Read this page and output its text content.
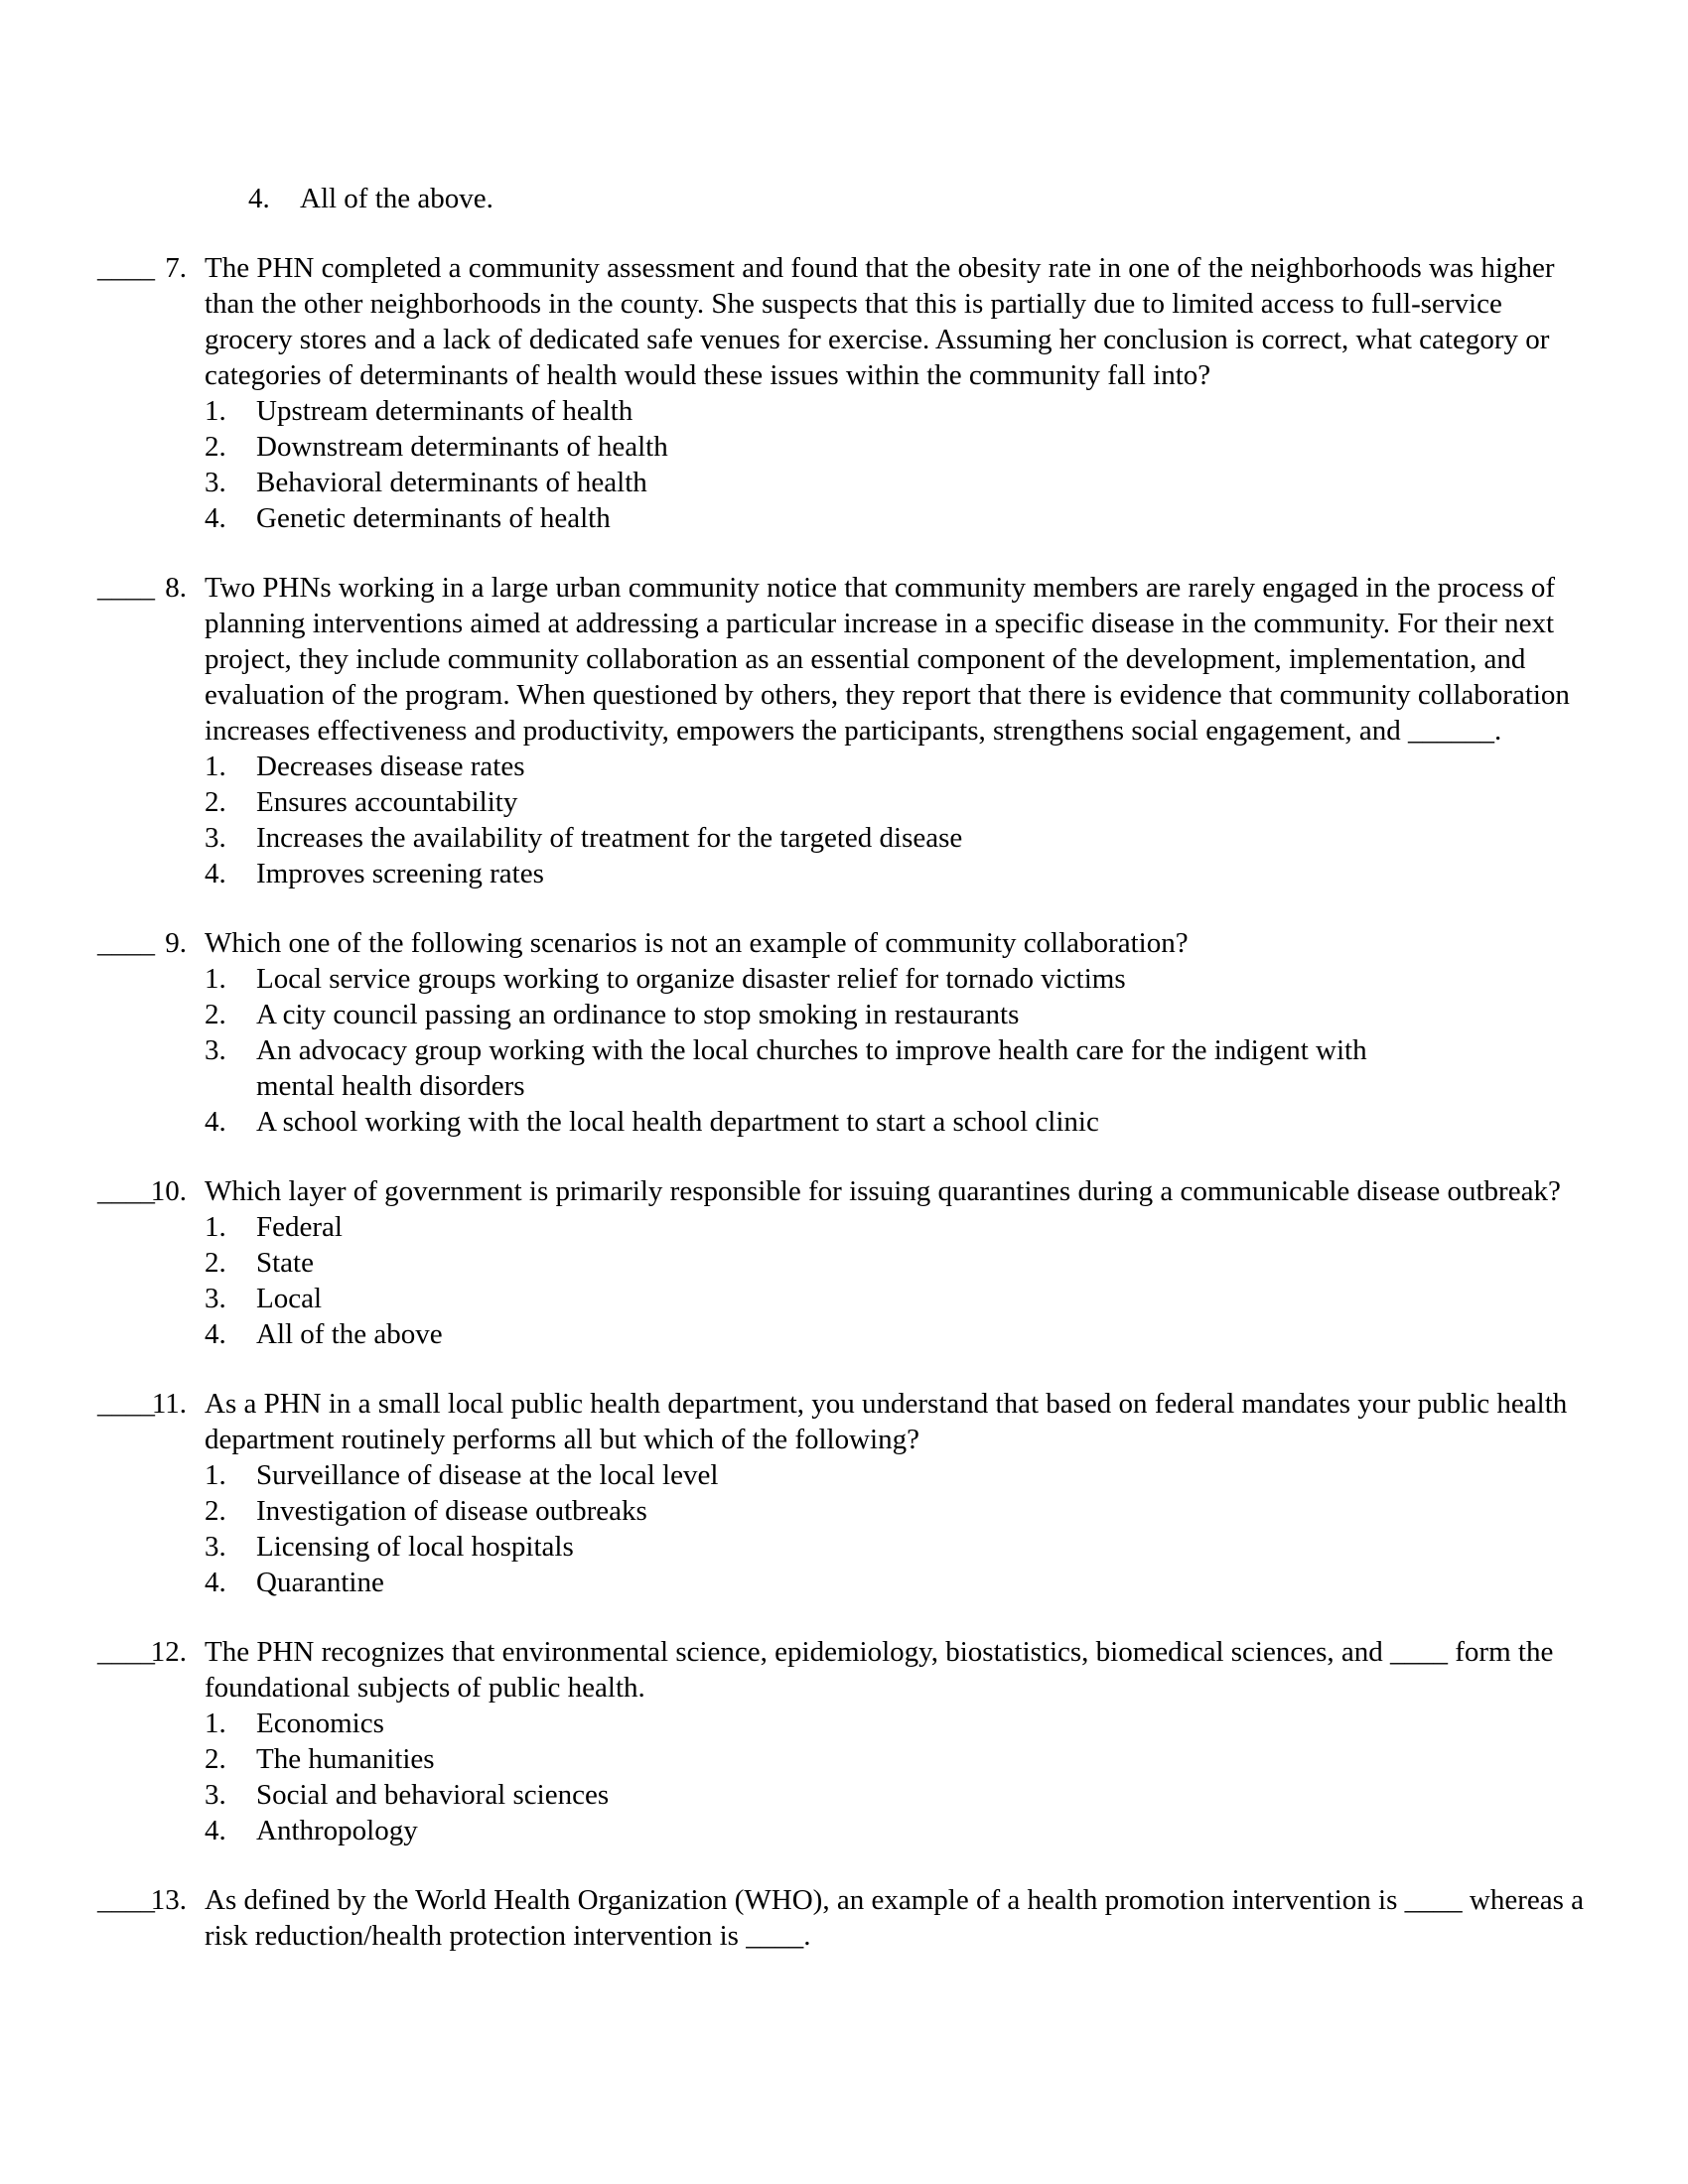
4.	All of the above.
____ 7. The PHN completed a community assessment and found that the obesity rate in one of the neighborhoods was higher than the other neighborhoods in the county. She suspects that this is partially due to limited access to full-service grocery stores and a lack of dedicated safe venues for exercise. Assuming her conclusion is correct, what category or categories of determinants of health would these issues within the community fall into?
1.	Upstream determinants of health
2.	Downstream determinants of health
3.	Behavioral determinants of health
4.	Genetic determinants of health
____ 8. Two PHNs working in a large urban community notice that community members are rarely engaged in the process of planning interventions aimed at addressing a particular increase in a specific disease in the community. For their next project, they include community collaboration as an essential component of the development, implementation, and evaluation of the program. When questioned by others, they report that there is evidence that community collaboration increases effectiveness and productivity, empowers the participants, strengthens social engagement, and ______.
1.	Decreases disease rates
2.	Ensures accountability
3.	Increases the availability of treatment for the targeted disease
4.	Improves screening rates
____ 9. Which one of the following scenarios is not an example of community collaboration?
1.	Local service groups working to organize disaster relief for tornado victims
2.	A city council passing an ordinance to stop smoking in restaurants
3.	An advocacy group working with the local churches to improve health care for the indigent with mental health disorders
4.	A school working with the local health department to start a school clinic
____
10. Which layer of government is primarily responsible for issuing quarantines during a communicable disease outbreak?
1.	Federal
2.	State
3.	Local
4.	All of the above
____
11. As a PHN in a small local public health department, you understand that based on federal mandates your public health department routinely performs all but which of the following?
1.	Surveillance of disease at the local level
2.	Investigation of disease outbreaks
3.	Licensing of local hospitals
4.	Quarantine
____
12. The PHN recognizes that environmental science, epidemiology, biostatistics, biomedical sciences, and ____ form the foundational subjects of public health.
1.	Economics
2.	The humanities
3.	Social and behavioral sciences
4.	Anthropology
____
13. As defined by the World Health Organization (WHO), an example of a health promotion intervention is ____ whereas a risk reduction/health protection intervention is ____.
